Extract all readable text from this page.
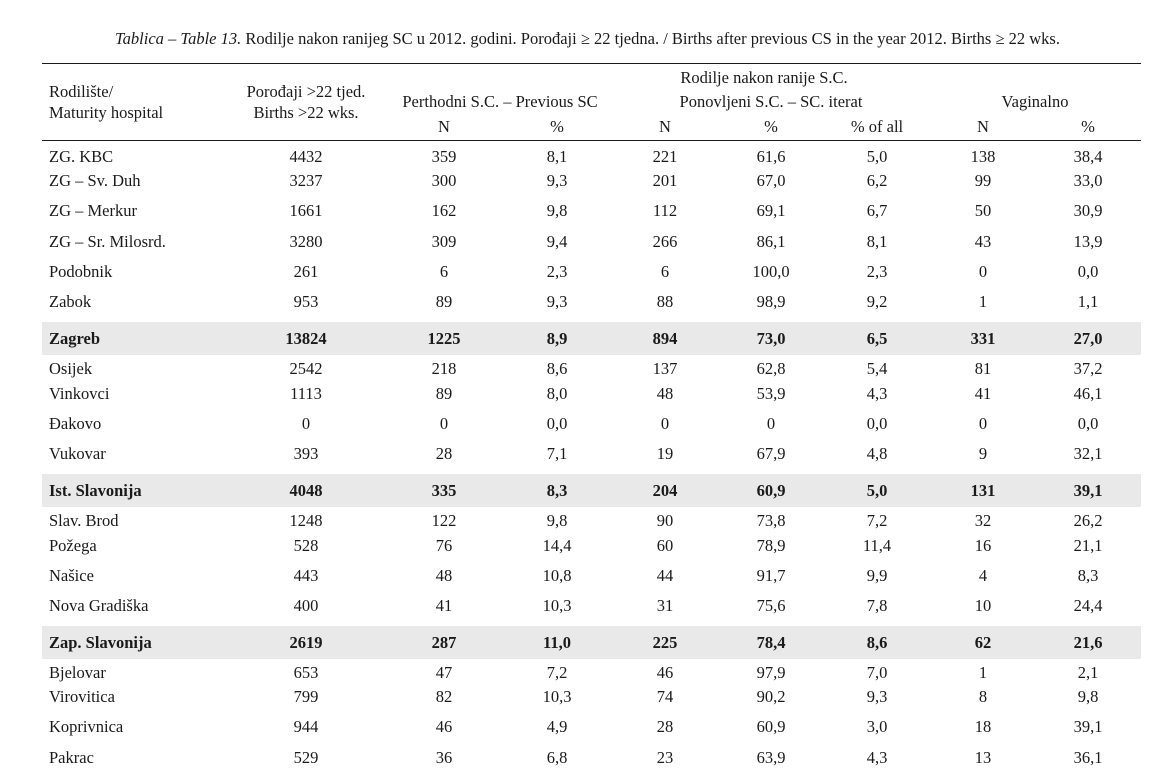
Tablica – Table 13. Rodilje nakon ranijeg SC u 2012. godini. Porođaji ≥ 22 tjedna. / Births after previous CS in the year 2012. Births ≥ 22 wks.
Rodilište/
Maturity hospital
Porođaji >22 tjed.
Births >22 wks.
Rodilje nakon ranije S.C.
Perthodni S.C. – Previous SC	Ponovljeni S.C. – SC. iterat	Vaginalno
N	%	N	%	% of all	N	%
ZG. KBC	4432	359	8,1	221	61,6	5,0	138	38,4
ZG – Sv. Duh	3237	300	9,3	201	67,0	6,2	99	33,0
ZG – Merkur	1661	162	9,8	112	69,1	6,7	50	30,9
ZG – Sr. Milosrd.	3280	309	9,4	266	86,1	8,1	43	13,9
Podobnik	261	6	2,3	6	100,0	2,3	0	0,0
Zabok	953	89	9,3	88	98,9	9,2	1	1,1
Zagreb	13824	1225	8,9	894	73,0	6,5	331	27,0
Osijek	2542	218	8,6	137	62,8	5,4	81	37,2
Vinkovci	1113	89	8,0	48	53,9	4,3	41	46,1
Đakovo	0	0	0,0	0	0	0,0	0	0,0
Vukovar	393	28	7,1	19	67,9	4,8	9	32,1
Ist. Slavonija	4048	335	8,3	204	60,9	5,0	131	39,1
Slav. Brod	1248	122	9,8	90	73,8	7,2	32	26,2
Požega	528	76	14,4	60	78,9	11,4	16	21,1
Našice	443	48	10,8	44	91,7	9,9	4	8,3
Nova Gradiška	400	41	10,3	31	75,6	7,8	10	24,4
Zap. Slavonija	2619	287	11,0	225	78,4	8,6	62	21,6
Bjelovar	653	47	7,2	46	97,9	7,0	1	2,1
Virovitica	799	82	10,3	74	90,2	9,3	8	9,8
Koprivnica	944	46	4,9	28	60,9	3,0	18	39,1
Pakrac	529	36	6,8	23	63,9	4,3	13	36,1
